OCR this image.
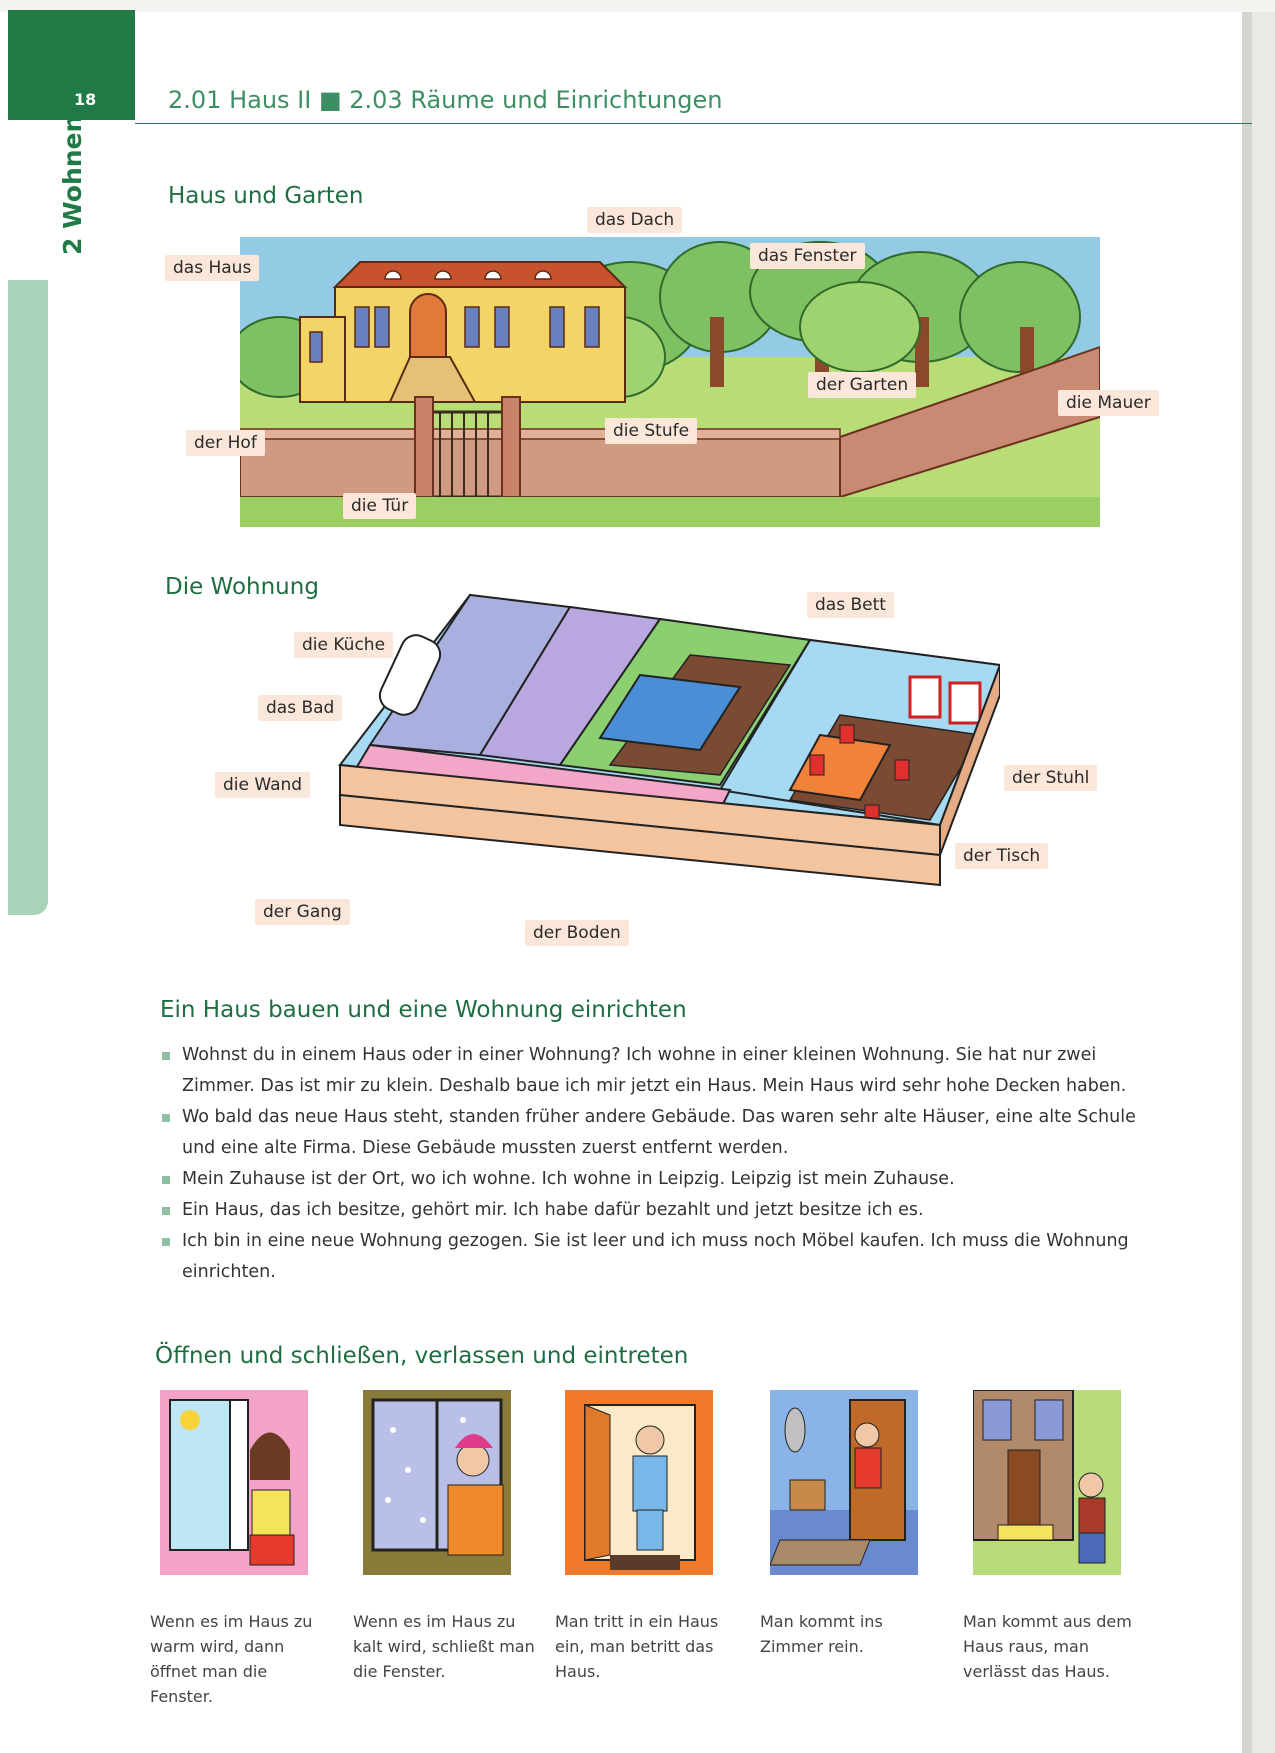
18
2 Wohnen
2.01 Haus II ■ 2.03 Räume und Einrichtungen
Haus und Garten
das Haus
das Dach
das Fenster
der Garten
die Mauer
der Hof
die Stufe
die Tür
Die Wohnung
die Küche
das Bad
die Wand
der Gang
der Boden
das Bett
der Stuhl
der Tisch
Ein Haus bauen und eine Wohnung einrichten
Wohnst du in einem Haus oder in einer Wohnung? Ich wohne in einer kleinen Wohnung. Sie hat nur zwei Zimmer. Das ist mir zu klein. Deshalb baue ich mir jetzt ein Haus. Mein Haus wird sehr hohe Decken haben.
Wo bald das neue Haus steht, standen früher andere Gebäude. Das waren sehr alte Häuser, eine alte Schule und eine alte Firma. Diese Gebäude mussten zuerst entfernt werden.
Mein Zuhause ist der Ort, wo ich wohne. Ich wohne in Leipzig. Leipzig ist mein Zuhause.
Ein Haus, das ich besitze, gehört mir. Ich habe dafür bezahlt und jetzt besitze ich es.
Ich bin in eine neue Wohnung gezogen. Sie ist leer und ich muss noch Möbel kaufen. Ich muss die Wohnung einrichten.
Öffnen und schließen, verlassen und eintreten
Wenn es im Haus zu warm wird, dann öffnet man die Fenster.
Wenn es im Haus zu kalt wird, schließt man die Fenster.
Man tritt in ein Haus ein, man betritt das Haus.
Man kommt ins Zimmer rein.
Man kommt aus dem Haus raus, man verlässt das Haus.
